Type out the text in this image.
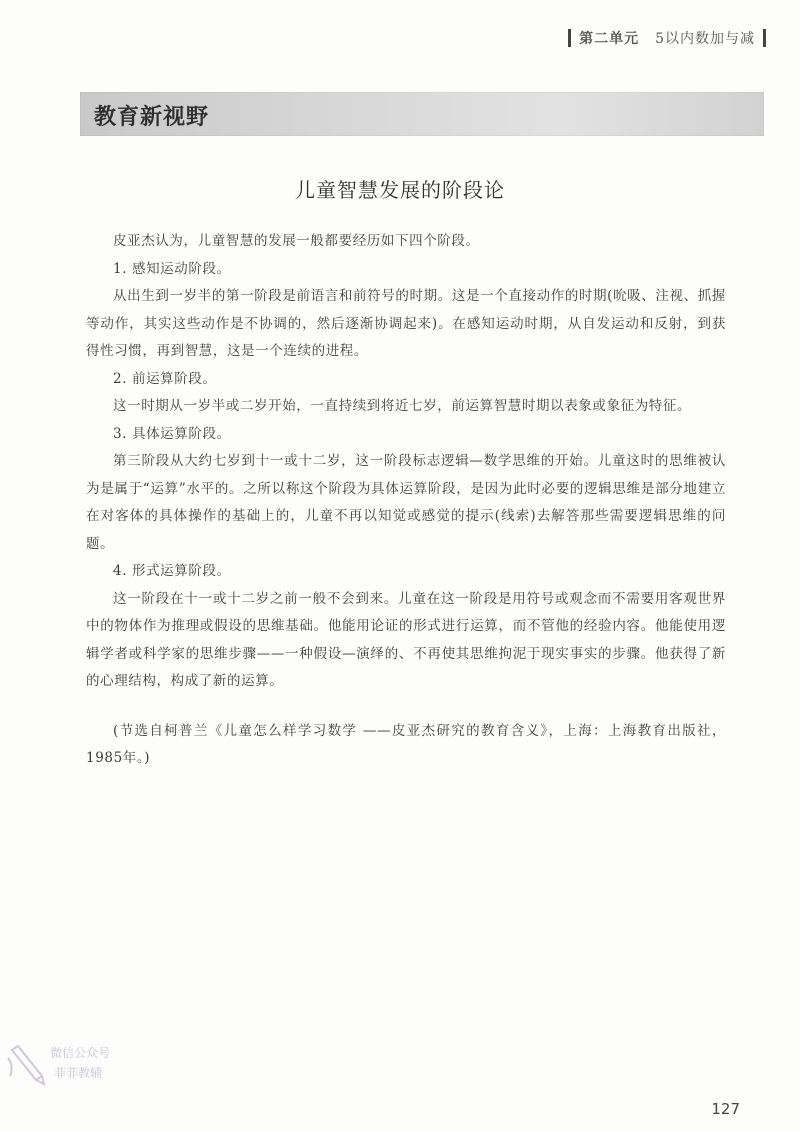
第二单元 5以内数加与减
教育新视野
儿童智慧发展的阶段论

皮亚杰认为，儿童智慧的发展一般都要经历如下四个阶段。

1. 感知运动阶段。

从出生到一岁半的第一阶段是前语言和前符号的时期。这是一个直接动作的时期(吮吸、注视、抓握等动作，其实这些动作是不协调的，然后逐渐协调起来)。在感知运动时期，从自发运动和反射，到获得性习惯，再到智慧，这是一个连续的进程。

2. 前运算阶段。

这一时期从一岁半或二岁开始，一直持续到将近七岁，前运算智慧时期以表象或象征为特征。

3. 具体运算阶段。

第三阶段从大约七岁到十一或十二岁，这一阶段标志逻辑—数学思维的开始。儿童这时的思维被认为是属于“运算”水平的。之所以称这个阶段为具体运算阶段，是因为此时必要的逻辑思维是部分地建立在对客体的具体操作的基础上的，儿童不再以知觉或感觉的提示(线索)去解答那些需要逻辑思维的问题。

4. 形式运算阶段。

这一阶段在十一或十二岁之前一般不会到来。儿童在这一阶段是用符号或观念而不需要用客观世界中的物体作为推理或假设的思维基础。他能用论证的形式进行运算，而不管他的经验内容。他能使用逻辑学者或科学家的思维步骤——一种假设—演绎的、不再使其思维拘泥于现实事实的步骤。他获得了新的心理结构，构成了新的运算。

(节选自柯普兰《儿童怎么样学习数学 ——皮亚杰研究的教育含义》，上海：上海教育出版社，1985年。)

微信公众号
菲菲教辅
127
